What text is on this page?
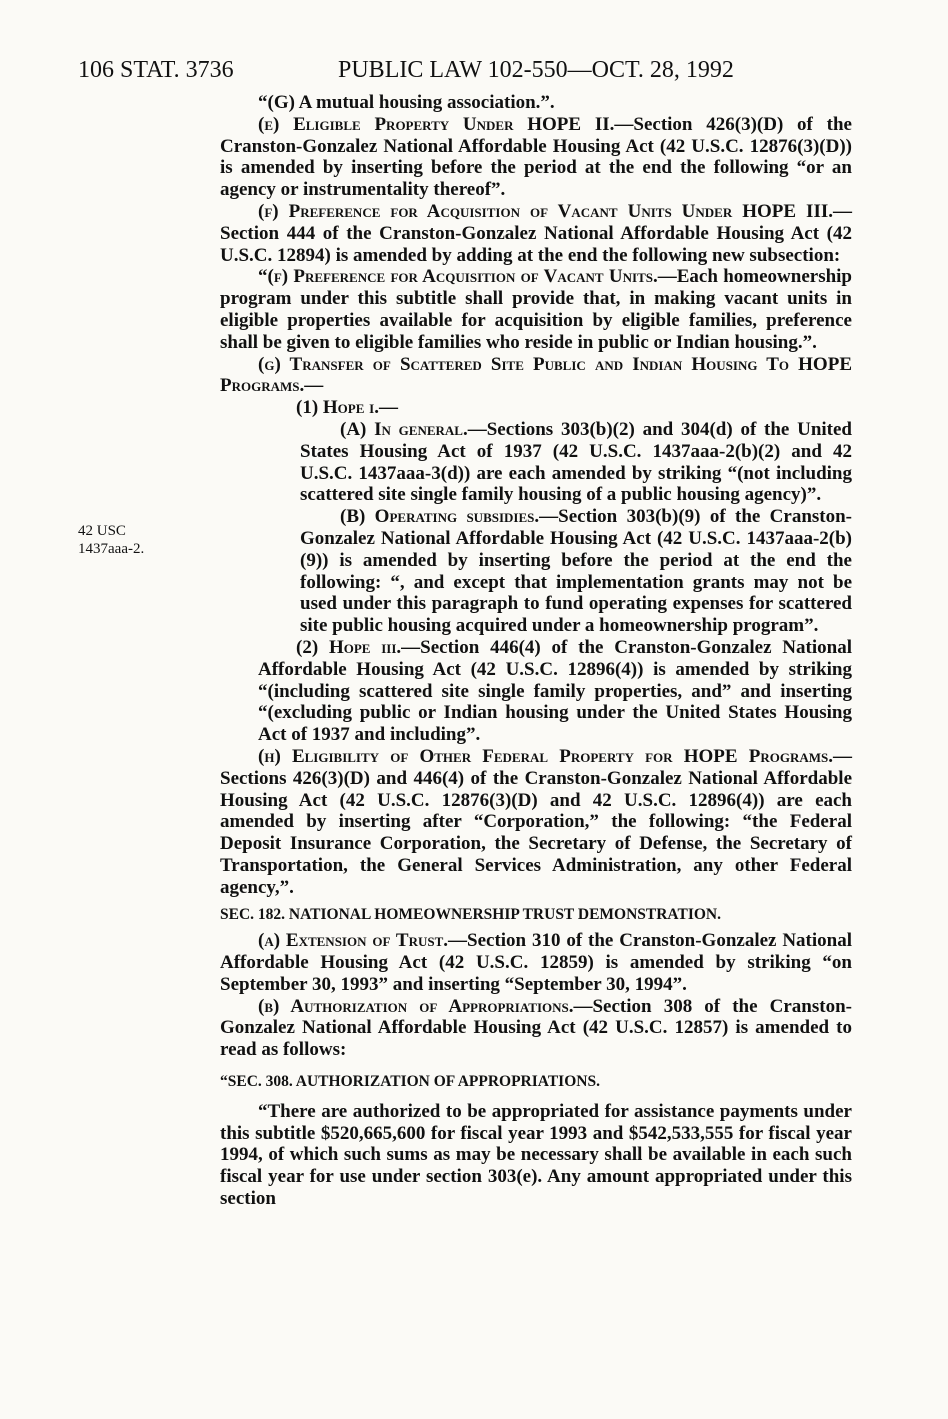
106 STAT. 3736	PUBLIC LAW 102-550—OCT. 28, 1992
42 USC
1437aaa-2.

“(G) A mutual housing association.”.

(e) Eligible Property Under HOPE II.—Section 426(3)(D) of the Cranston-Gonzalez National Affordable Housing Act (42 U.S.C. 12876(3)(D)) is amended by inserting before the period at the end the following “or an agency or instrumentality thereof”.

(f) Preference for Acquisition of Vacant Units Under HOPE III.—Section 444 of the Cranston-Gonzalez National Affordable Housing Act (42 U.S.C. 12894) is amended by adding at the end the following new subsection:

“(f) Preference for Acquisition of Vacant Units.—Each homeownership program under this subtitle shall provide that, in making vacant units in eligible properties available for acquisition by eligible families, preference shall be given to eligible families who reside in public or Indian housing.”.

(g) Transfer of Scattered Site Public and Indian Housing To HOPE Programs.—

(1) Hope i.—

(A) In general.—Sections 303(b)(2) and 304(d) of the United States Housing Act of 1937 (42 U.S.C. 1437aaa-2(b)(2) and 42 U.S.C. 1437aaa-3(d)) are each amended by striking “(not including scattered site single family housing of a public housing agency)”.

(B) Operating subsidies.—Section 303(b)(9) of the Cranston-Gonzalez National Affordable Housing Act (42 U.S.C. 1437aaa-2(b)(9)) is amended by inserting before the period at the end the following: “, and except that implementation grants may not be used under this paragraph to fund operating expenses for scattered site public housing acquired under a homeownership program”.

(2) Hope iii.—Section 446(4) of the Cranston-Gonzalez National Affordable Housing Act (42 U.S.C. 12896(4)) is amended by striking “(including scattered site single family properties, and” and inserting “(excluding public or Indian housing under the United States Housing Act of 1937 and including”.

(h) Eligibility of Other Federal Property for HOPE Programs.—Sections 426(3)(D) and 446(4) of the Cranston-Gonzalez National Affordable Housing Act (42 U.S.C. 12876(3)(D) and 42 U.S.C. 12896(4)) are each amended by inserting after “Corporation,” the following: “the Federal Deposit Insurance Corporation, the Secretary of Defense, the Secretary of Transportation, the General Services Administration, any other Federal agency,”.

SEC. 182. NATIONAL HOMEOWNERSHIP TRUST DEMONSTRATION.

(a) Extension of Trust.—Section 310 of the Cranston-Gonzalez National Affordable Housing Act (42 U.S.C. 12859) is amended by striking “on September 30, 1993” and inserting “September 30, 1994”.

(b) Authorization of Appropriations.—Section 308 of the Cranston-Gonzalez National Affordable Housing Act (42 U.S.C. 12857) is amended to read as follows:

“SEC. 308. AUTHORIZATION OF APPROPRIATIONS.

“There are authorized to be appropriated for assistance payments under this subtitle $520,665,600 for fiscal year 1993 and $542,533,555 for fiscal year 1994, of which such sums as may be necessary shall be available in each such fiscal year for use under section 303(e). Any amount appropriated under this section
